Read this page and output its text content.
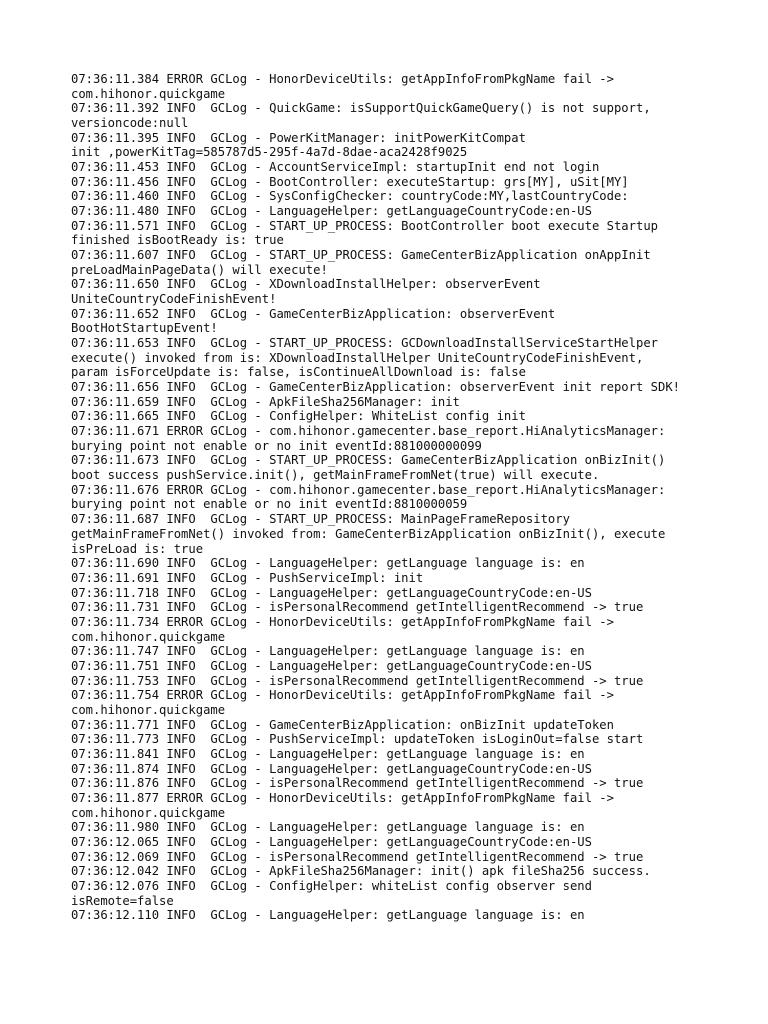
07:36:11.384 ERROR GCLog - HonorDeviceUtils: getAppInfoFromPkgName fail ->
com.hihonor.quickgame
07:36:11.392 INFO  GCLog - QuickGame: isSupportQuickGameQuery() is not support,
versioncode:null
07:36:11.395 INFO  GCLog - PowerKitManager: initPowerKitCompat
init ,powerKitTag=585787d5-295f-4a7d-8dae-aca2428f9025
07:36:11.453 INFO  GCLog - AccountServiceImpl: startupInit end not login
07:36:11.456 INFO  GCLog - BootController: executeStartup: grs[MY], uSit[MY]
07:36:11.460 INFO  GCLog - SysConfigChecker: countryCode:MY,lastCountryCode:
07:36:11.480 INFO  GCLog - LanguageHelper: getLanguageCountryCode:en-US
07:36:11.571 INFO  GCLog - START_UP_PROCESS: BootController boot execute Startup
finished isBootReady is: true
07:36:11.607 INFO  GCLog - START_UP_PROCESS: GameCenterBizApplication onAppInit
preLoadMainPageData() will execute!
07:36:11.650 INFO  GCLog - XDownloadInstallHelper: observerEvent
UniteCountryCodeFinishEvent!
07:36:11.652 INFO  GCLog - GameCenterBizApplication: observerEvent
BootHotStartupEvent!
07:36:11.653 INFO  GCLog - START_UP_PROCESS: GCDownloadInstallServiceStartHelper
execute() invoked from is: XDownloadInstallHelper UniteCountryCodeFinishEvent,
param isForceUpdate is: false, isContinueAllDownload is: false
07:36:11.656 INFO  GCLog - GameCenterBizApplication: observerEvent init report SDK!
07:36:11.659 INFO  GCLog - ApkFileSha256Manager: init
07:36:11.665 INFO  GCLog - ConfigHelper: WhiteList config init
07:36:11.671 ERROR GCLog - com.hihonor.gamecenter.base_report.HiAnalyticsManager:
burying point not enable or no init eventId:881000000099
07:36:11.673 INFO  GCLog - START_UP_PROCESS: GameCenterBizApplication onBizInit()
boot success pushService.init(), getMainFrameFromNet(true) will execute.
07:36:11.676 ERROR GCLog - com.hihonor.gamecenter.base_report.HiAnalyticsManager:
burying point not enable or no init eventId:8810000059
07:36:11.687 INFO  GCLog - START_UP_PROCESS: MainPageFrameRepository
getMainFrameFromNet() invoked from: GameCenterBizApplication onBizInit(), execute
isPreLoad is: true
07:36:11.690 INFO  GCLog - LanguageHelper: getLanguage language is: en
07:36:11.691 INFO  GCLog - PushServiceImpl: init
07:36:11.718 INFO  GCLog - LanguageHelper: getLanguageCountryCode:en-US
07:36:11.731 INFO  GCLog - isPersonalRecommend getIntelligentRecommend -> true
07:36:11.734 ERROR GCLog - HonorDeviceUtils: getAppInfoFromPkgName fail ->
com.hihonor.quickgame
07:36:11.747 INFO  GCLog - LanguageHelper: getLanguage language is: en
07:36:11.751 INFO  GCLog - LanguageHelper: getLanguageCountryCode:en-US
07:36:11.753 INFO  GCLog - isPersonalRecommend getIntelligentRecommend -> true
07:36:11.754 ERROR GCLog - HonorDeviceUtils: getAppInfoFromPkgName fail ->
com.hihonor.quickgame
07:36:11.771 INFO  GCLog - GameCenterBizApplication: onBizInit updateToken
07:36:11.773 INFO  GCLog - PushServiceImpl: updateToken isLoginOut=false start
07:36:11.841 INFO  GCLog - LanguageHelper: getLanguage language is: en
07:36:11.874 INFO  GCLog - LanguageHelper: getLanguageCountryCode:en-US
07:36:11.876 INFO  GCLog - isPersonalRecommend getIntelligentRecommend -> true
07:36:11.877 ERROR GCLog - HonorDeviceUtils: getAppInfoFromPkgName fail ->
com.hihonor.quickgame
07:36:11.980 INFO  GCLog - LanguageHelper: getLanguage language is: en
07:36:12.065 INFO  GCLog - LanguageHelper: getLanguageCountryCode:en-US
07:36:12.069 INFO  GCLog - isPersonalRecommend getIntelligentRecommend -> true
07:36:12.042 INFO  GCLog - ApkFileSha256Manager: init() apk fileSha256 success.
07:36:12.076 INFO  GCLog - ConfigHelper: whiteList config observer send
isRemote=false
07:36:12.110 INFO  GCLog - LanguageHelper: getLanguage language is: en
